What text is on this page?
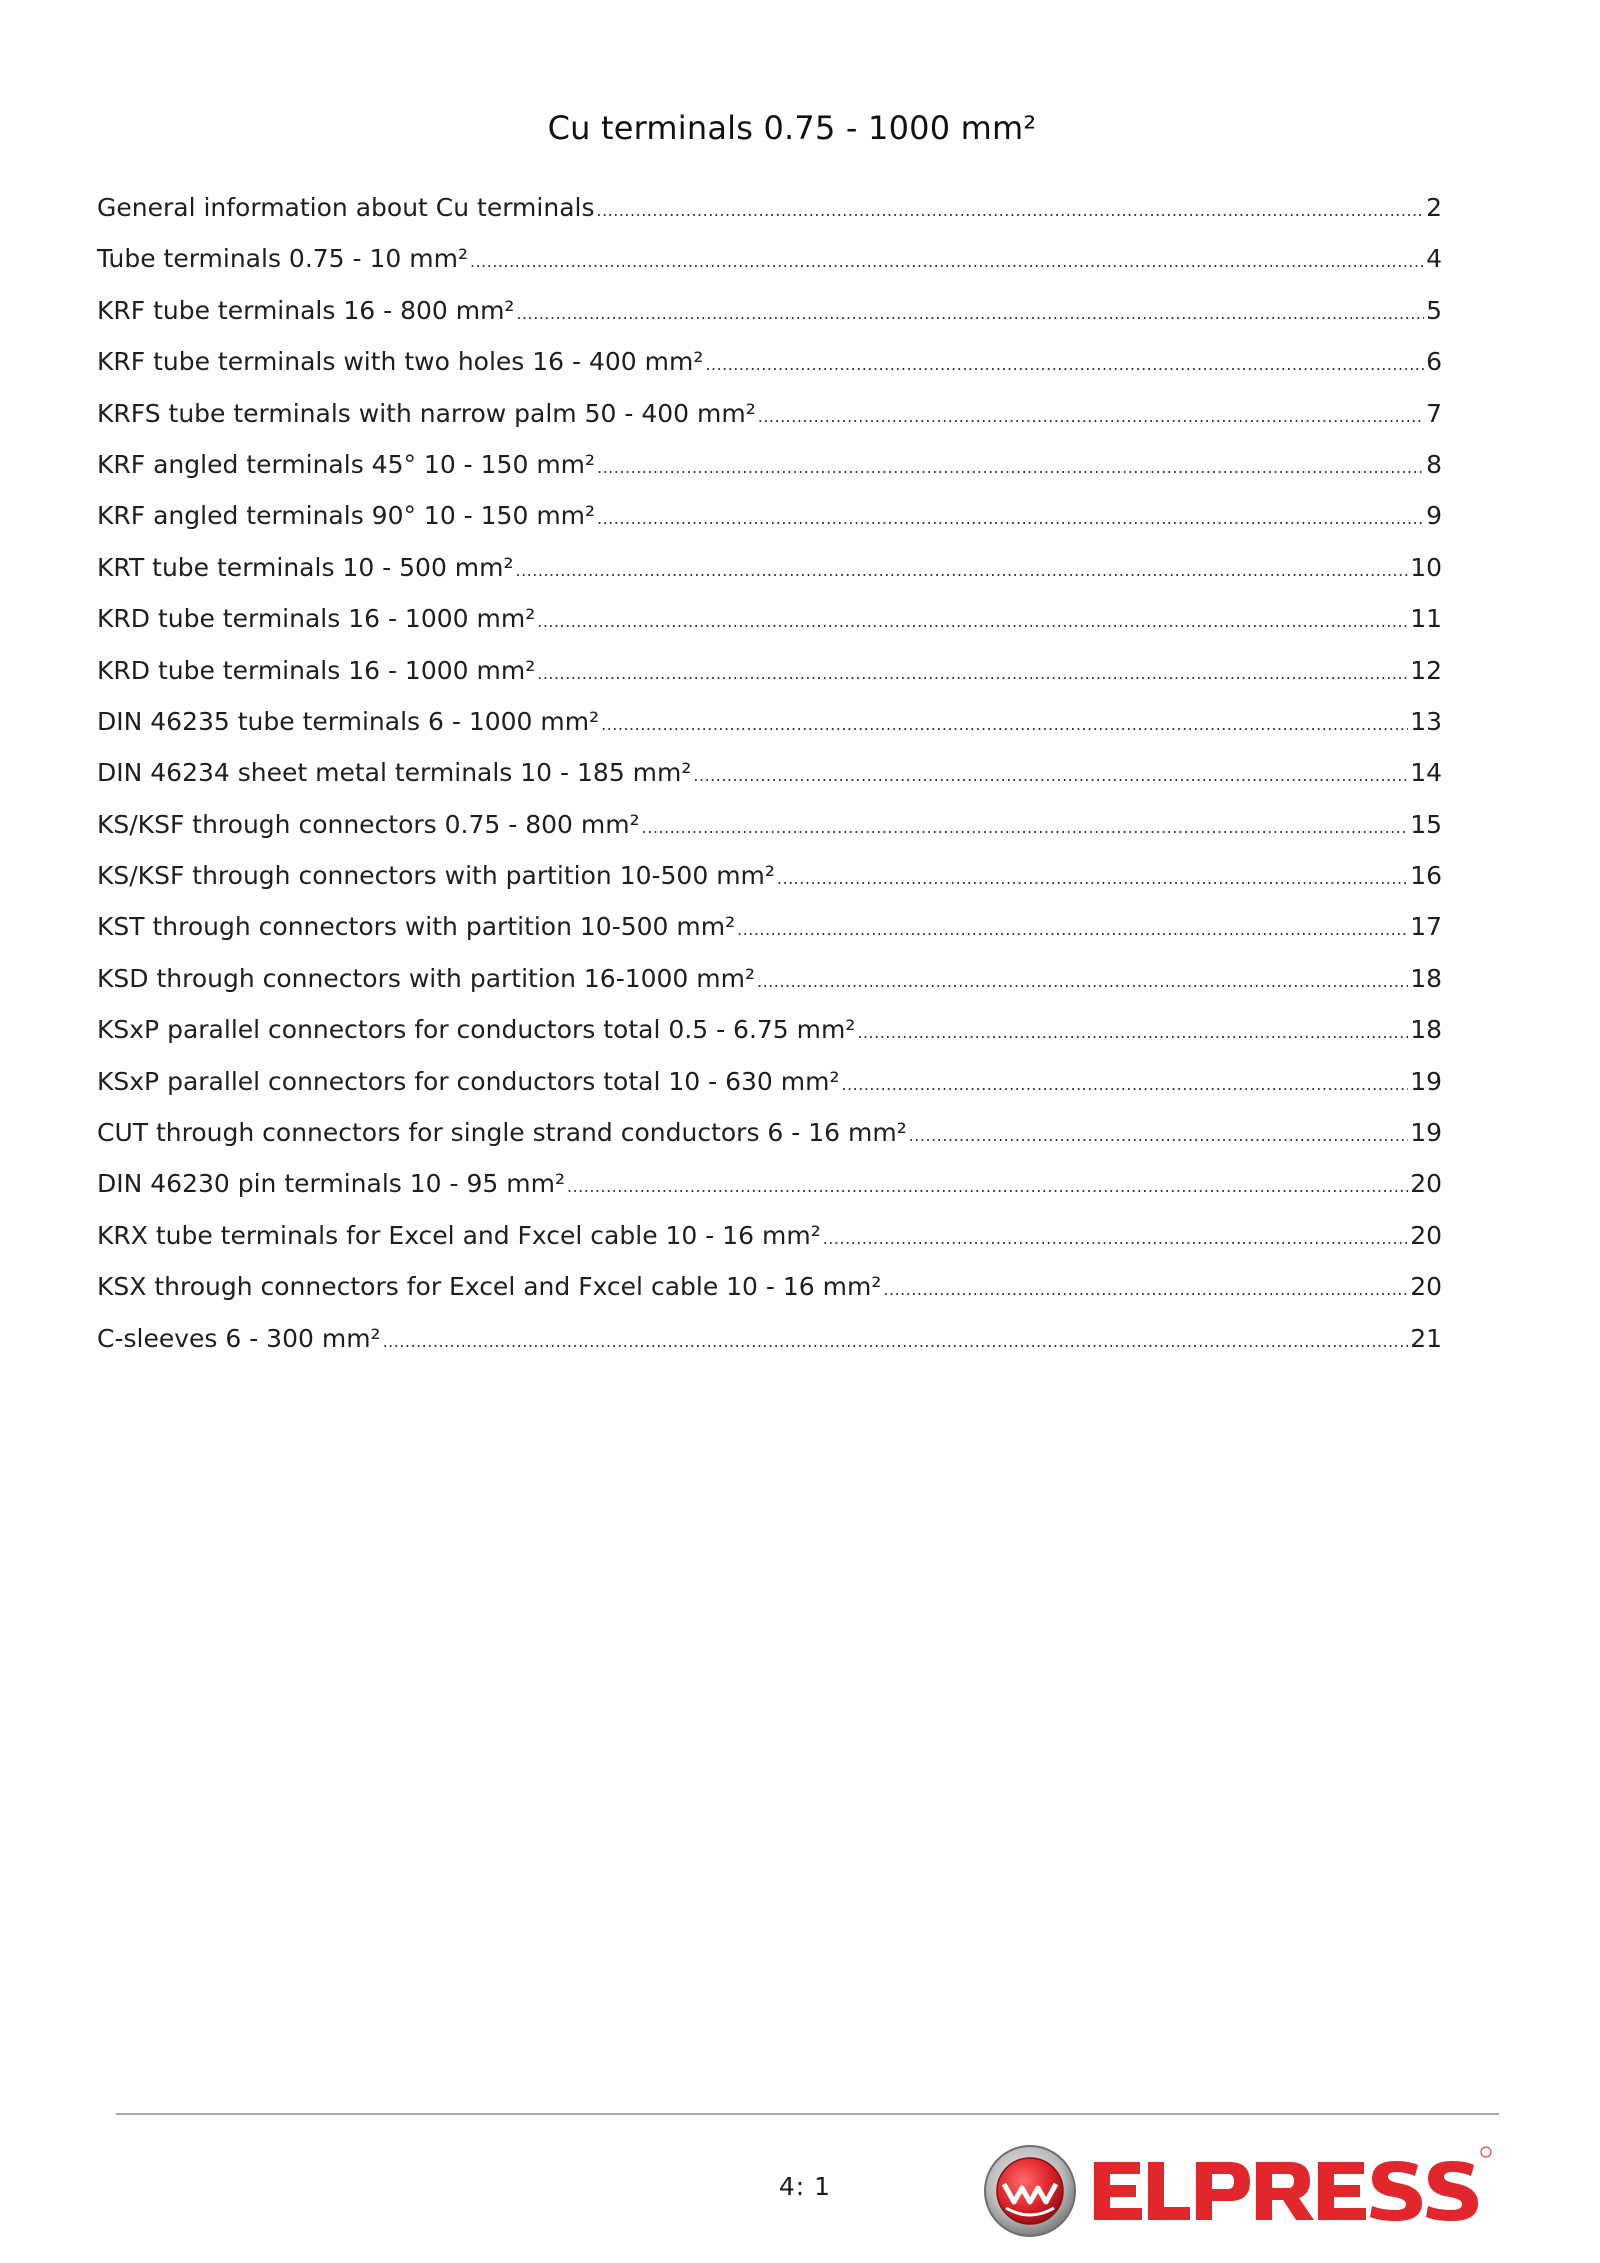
Cu terminals 0.75 - 1000 mm²
General information about Cu terminals .....	2
Tube terminals 0.75 - 10 mm² .....	4
KRF tube terminals 16 - 800 mm² .....	5
KRF tube terminals with two holes 16 - 400 mm² .....	6
KRFS tube terminals with narrow palm 50 - 400 mm² .....	7
KRF angled terminals 45° 10 - 150 mm² .....	8
KRF angled terminals 90° 10 - 150 mm² .....	9
KRT tube terminals 10 - 500 mm² .....	10
KRD tube terminals 16 - 1000 mm² .....	11
KRD tube terminals 16 - 1000 mm² .....	12
DIN 46235 tube terminals 6 - 1000 mm² .....	13
DIN 46234 sheet metal terminals 10 - 185 mm² .....	14
KS/KSF through connectors 0.75 - 800 mm² .....	15
KS/KSF through connectors with partition 10-500 mm² .....	16
KST through connectors with partition 10-500 mm² .....	17
KSD through connectors with partition 16-1000 mm² .....	18
KSxP parallel connectors for conductors total 0.5 - 6.75 mm² .....	18
KSxP parallel connectors for conductors total 10 - 630 mm² .....	19
CUT through connectors for single strand conductors 6 - 16 mm² .....	19
DIN 46230 pin terminals 10 - 95 mm² .....	20
KRX tube terminals for Excel and Fxcel cable 10 - 16 mm² .....	20
KSX through connectors for Excel and Fxcel cable 10 - 16 mm² .....	20
C-sleeves 6 - 300 mm² .....	21
4: 1
